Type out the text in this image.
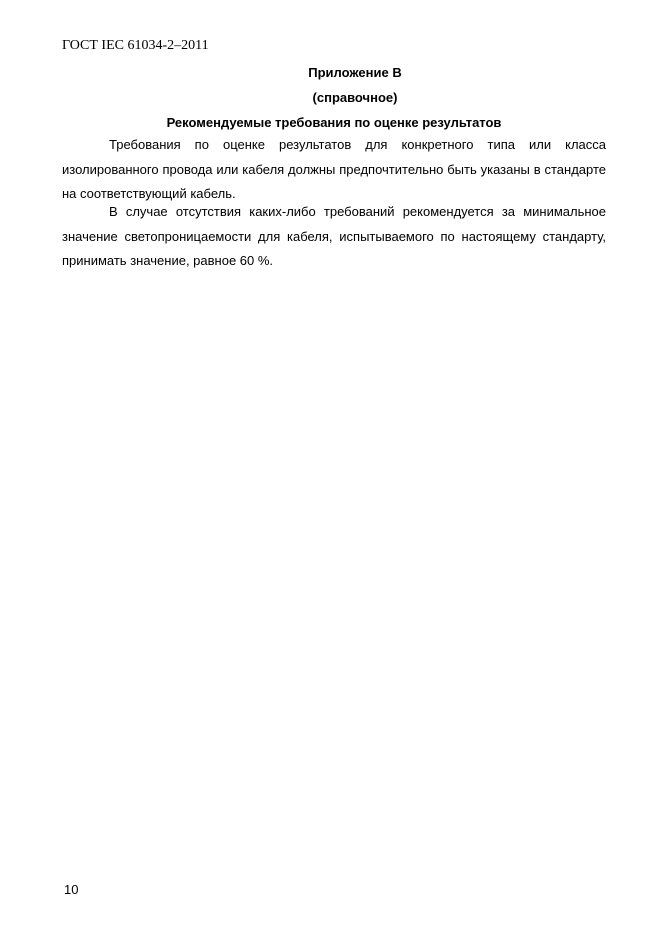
ГОСТ IEC 61034-2–2011
Приложение В
(справочное)
Рекомендуемые требования по оценке результатов

Требования по оценке результатов для конкретного типа или класса изолированного провода или кабеля должны предпочтительно быть указаны в стандарте на соответствующий кабель.

В случае отсутствия каких-либо требований рекомендуется за минимальное значение светопроницаемости для кабеля, испытываемого по настоящему стандарту, принимать значение, равное 60 %.

10
